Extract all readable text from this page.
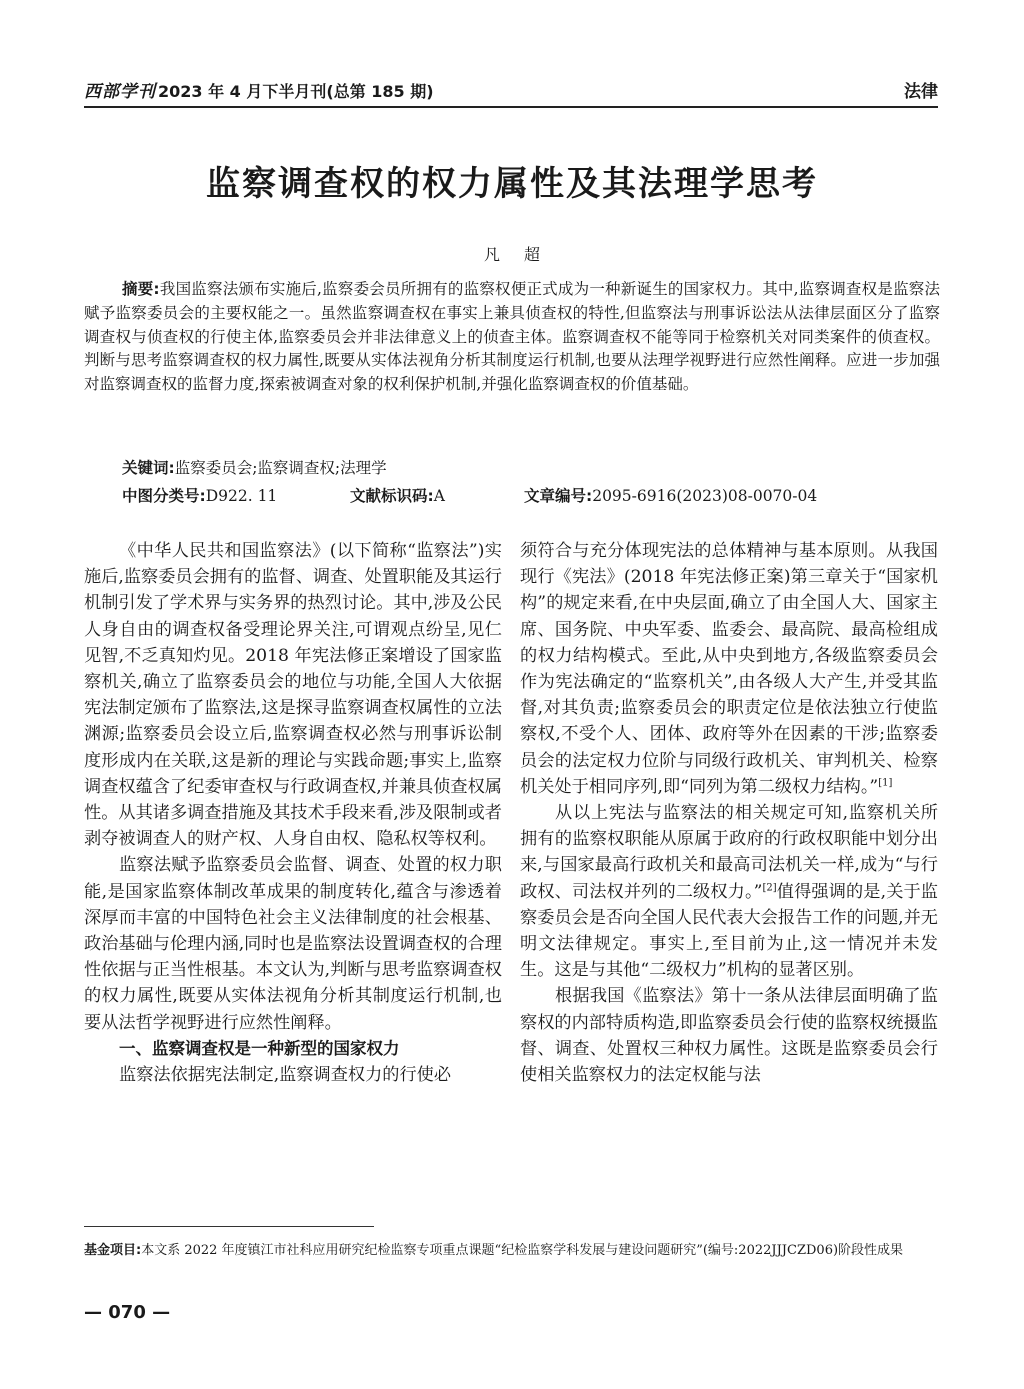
西部学刊 2023 年 4 月下半月刊(总第 185 期)	法律
监察调查权的权力属性及其法理学思考
凡超

摘要:我国监察法颁布实施后,监察委会员所拥有的监察权便正式成为一种新诞生的国家权力。其中,监察调查权是监察法赋予监察委员会的主要权能之一。虽然监察调查权在事实上兼具侦查权的特性,但监察法与刑事诉讼法从法律层面区分了监察调查权与侦查权的行使主体,监察委员会并非法律意义上的侦查主体。监察调查权不能等同于检察机关对同类案件的侦查权。判断与思考监察调查权的权力属性,既要从实体法视角分析其制度运行机制,也要从法理学视野进行应然性阐释。应进一步加强对监察调查权的监督力度,探索被调查对象的权利保护机制,并强化监察调查权的价值基础。

关键词:监察委员会;监察调查权;法理学
中图分类号:D922. 11	文献标识码:A	文章编号:2095-6916(2023)08-0070-04

《中华人民共和国监察法》(以下简称“监察法”)实施后,监察委员会拥有的监督、调查、处置职能及其运行机制引发了学术界与实务界的热烈讨论。其中,涉及公民人身自由的调查权备受理论界关注,可谓观点纷呈,见仁见智,不乏真知灼见。2018 年宪法修正案增设了国家监察机关,确立了监察委员会的地位与功能,全国人大依据宪法制定颁布了监察法,这是探寻监察调查权属性的立法渊源;监察委员会设立后,监察调查权必然与刑事诉讼制度形成内在关联,这是新的理论与实践命题;事实上,监察调查权蕴含了纪委审查权与行政调查权,并兼具侦查权属性。从其诸多调查措施及其技术手段来看,涉及限制或者剥夺被调查人的财产权、人身自由权、隐私权等权利。

监察法赋予监察委员会监督、调查、处置的权力职能,是国家监察体制改革成果的制度转化,蕴含与渗透着深厚而丰富的中国特色社会主义法律制度的社会根基、政治基础与伦理内涵,同时也是监察法设置调查权的合理性依据与正当性根基。本文认为,判断与思考监察调查权的权力属性,既要从实体法视角分析其制度运行机制,也要从法哲学视野进行应然性阐释。

一、监察调查权是一种新型的国家权力

监察法依据宪法制定,监察调查权力的行使必

须符合与充分体现宪法的总体精神与基本原则。从我国现行《宪法》(2018 年宪法修正案)第三章关于“国家机构”的规定来看,在中央层面,确立了由全国人大、国家主席、国务院、中央军委、监委会、最高院、最高检组成的权力结构模式。至此,从中央到地方,各级监察委员会作为宪法确定的“监察机关”,由各级人大产生,并受其监督,对其负责;监察委员会的职责定位是依法独立行使监察权,不受个人、团体、政府等外在因素的干涉;监察委员会的法定权力位阶与同级行政机关、审判机关、检察机关处于相同序列,即“同列为第二级权力结构。”[1]

从以上宪法与监察法的相关规定可知,监察机关所拥有的监察权职能从原属于政府的行政权职能中划分出来,与国家最高行政机关和最高司法机关一样,成为“与行政权、司法权并列的二级权力。”[2]值得强调的是,关于监察委员会是否向全国人民代表大会报告工作的问题,并无明文法律规定。事实上,至目前为止,这一情况并未发生。这是与其他“二级权力”机构的显著区别。

根据我国《监察法》第十一条从法律层面明确了监察权的内部特质构造,即监察委员会行使的监察权统摄监督、调查、处置权三种权力属性。这既是监察委员会行使相关监察权力的法定权能与法

基金项目:本文系 2022 年度镇江市社科应用研究纪检监察专项重点课题“纪检监察学科发展与建设问题研究”(编号:2022JJJCZD06)阶段性成果

— 070 —
